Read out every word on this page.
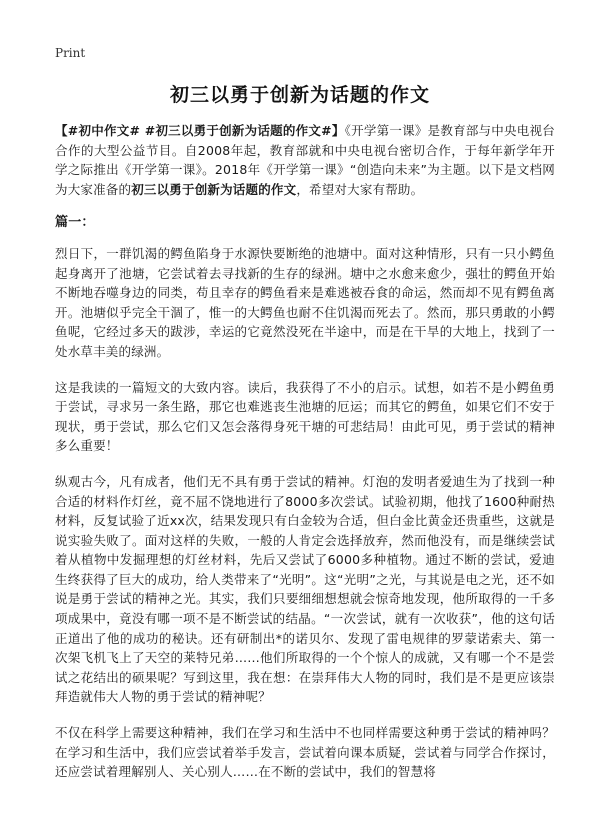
Print
初三以勇于创新为话题的作文

【#初中作文# #初三以勇于创新为话题的作文#】《开学第一课》是教育部与中央电视台合作的大型公益节目。自2008年起，教育部就和中央电视台密切合作，于每年新学年开学之际推出《开学第一课》。2018年《开学第一课》“创造向未来”为主题。以下是文档网为大家准备的初三以勇于创新为话题的作文，希望对大家有帮助。

篇一：

烈日下，一群饥渴的鳄鱼陷身于水源快要断绝的池塘中。面对这种情形，只有一只小鳄鱼起身离开了池塘，它尝试着去寻找新的生存的绿洲。塘中之水愈来愈少，强壮的鳄鱼开始不断地吞噬身边的同类，苟且幸存的鳄鱼看来是难逃被吞食的命运，然而却不见有鳄鱼离开。池塘似乎完全干涸了，惟一的大鳄鱼也耐不住饥渴而死去了。然而，那只勇敢的小鳄鱼呢，它经过多天的跋涉，幸运的它竟然没死在半途中，而是在干旱的大地上，找到了一处水草丰美的绿洲。

这是我读的一篇短文的大致内容。读后，我获得了不小的启示。试想，如若不是小鳄鱼勇于尝试，寻求另一条生路，那它也难逃丧生池塘的厄运；而其它的鳄鱼，如果它们不安于现状，勇于尝试，那么它们又怎会落得身死干塘的可悲结局！由此可见，勇于尝试的精神多么重要！

纵观古今，凡有成者，他们无不具有勇于尝试的精神。灯泡的发明者爱迪生为了找到一种合适的材料作灯丝，竟不屈不饶地进行了8000多次尝试。试验初期，他找了1600种耐热材料，反复试验了近xx次，结果发现只有白金较为合适，但白金比黄金还贵重些，这就是说实验失败了。面对这样的失败，一般的人肯定会选择放弃，然而他没有，而是继续尝试着从植物中发掘理想的灯丝材料，先后又尝试了6000多种植物。通过不断的尝试，爱迪生终获得了巨大的成功，给人类带来了“光明”。这“光明”之光，与其说是电之光，还不如说是勇于尝试的精神之光。其实，我们只要细细想想就会惊奇地发现，他所取得的一千多项成果中，竟没有哪一项不是不断尝试的结晶。“一次尝试，就有一次收获”，他的这句话正道出了他的成功的秘诀。还有研制出*的诺贝尔、发现了雷电规律的罗蒙诺索夫、第一次架飞机飞上了天空的莱特兄弟……他们所取得的一个个惊人的成就，又有哪一个不是尝试之花结出的硕果呢？写到这里，我在想：在崇拜伟大人物的同时，我们是不是更应该崇拜造就伟大人物的勇于尝试的精神呢？

不仅在科学上需要这种精神，我们在学习和生活中不也同样需要这种勇于尝试的精神吗？在学习和生活中，我们应尝试着举手发言，尝试着向课本质疑，尝试着与同学合作探讨，还应尝试着理解别人、关心别人……在不断的尝试中，我们的智慧将
